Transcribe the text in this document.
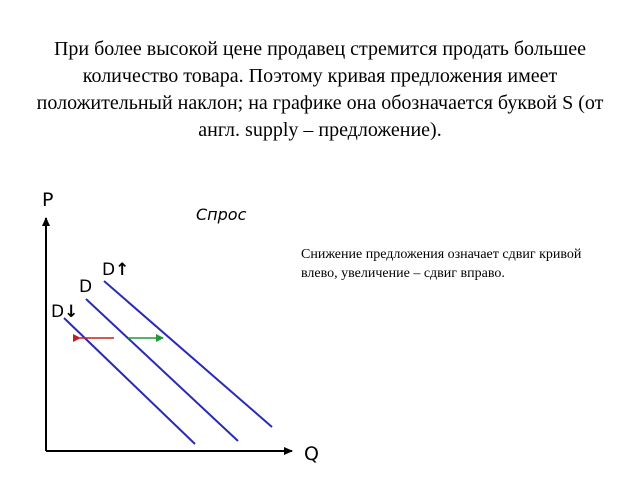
При более высокой цене продавец стремится продать большее количество товара. Поэтому кривая предложения имеет положительный наклон; на графике она обозначается буквой S (от англ. supply – предложение).

P
Q
Спрос
D↑
D
D↓

Снижение предложения означает сдвиг кривой влево, увеличение – сдвиг вправо.
